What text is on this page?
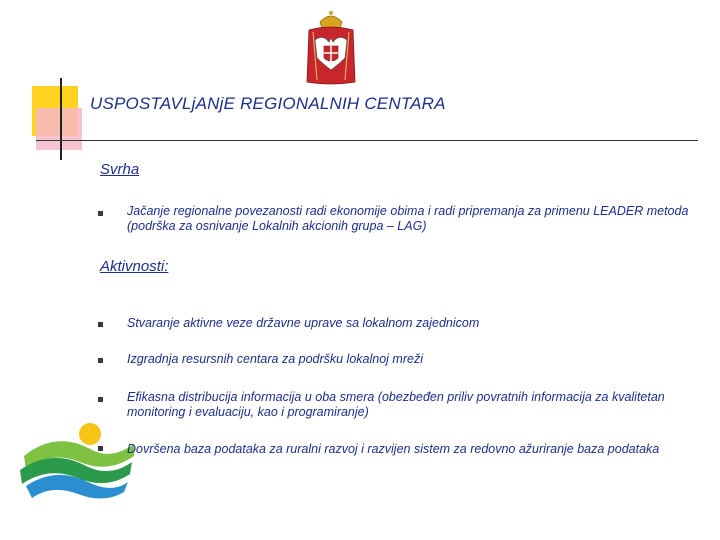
USPOSTAVLjANjE REGIONALNIH CENTARA
Svrha
Jačanje regionalne povezanosti radi ekonomije obima i radi pripremanja za primenu LEADER metoda (podrška za osnivanje Lokalnih akcionih grupa – LAG)
Aktivnosti:
Stvaranje aktivne veze državne uprave sa lokalnom zajednicom
Izgradnja resursnih centara za podršku lokalnoj mreži
Efikasna distribucija informacija u oba smera (obezbeđen priliv povratnih informacija za kvalitetan monitoring i evaluaciju, kao i programiranje)
Dovršena baza podataka za ruralni razvoj i razvijen sistem za redovno ažuriranje baza podataka
